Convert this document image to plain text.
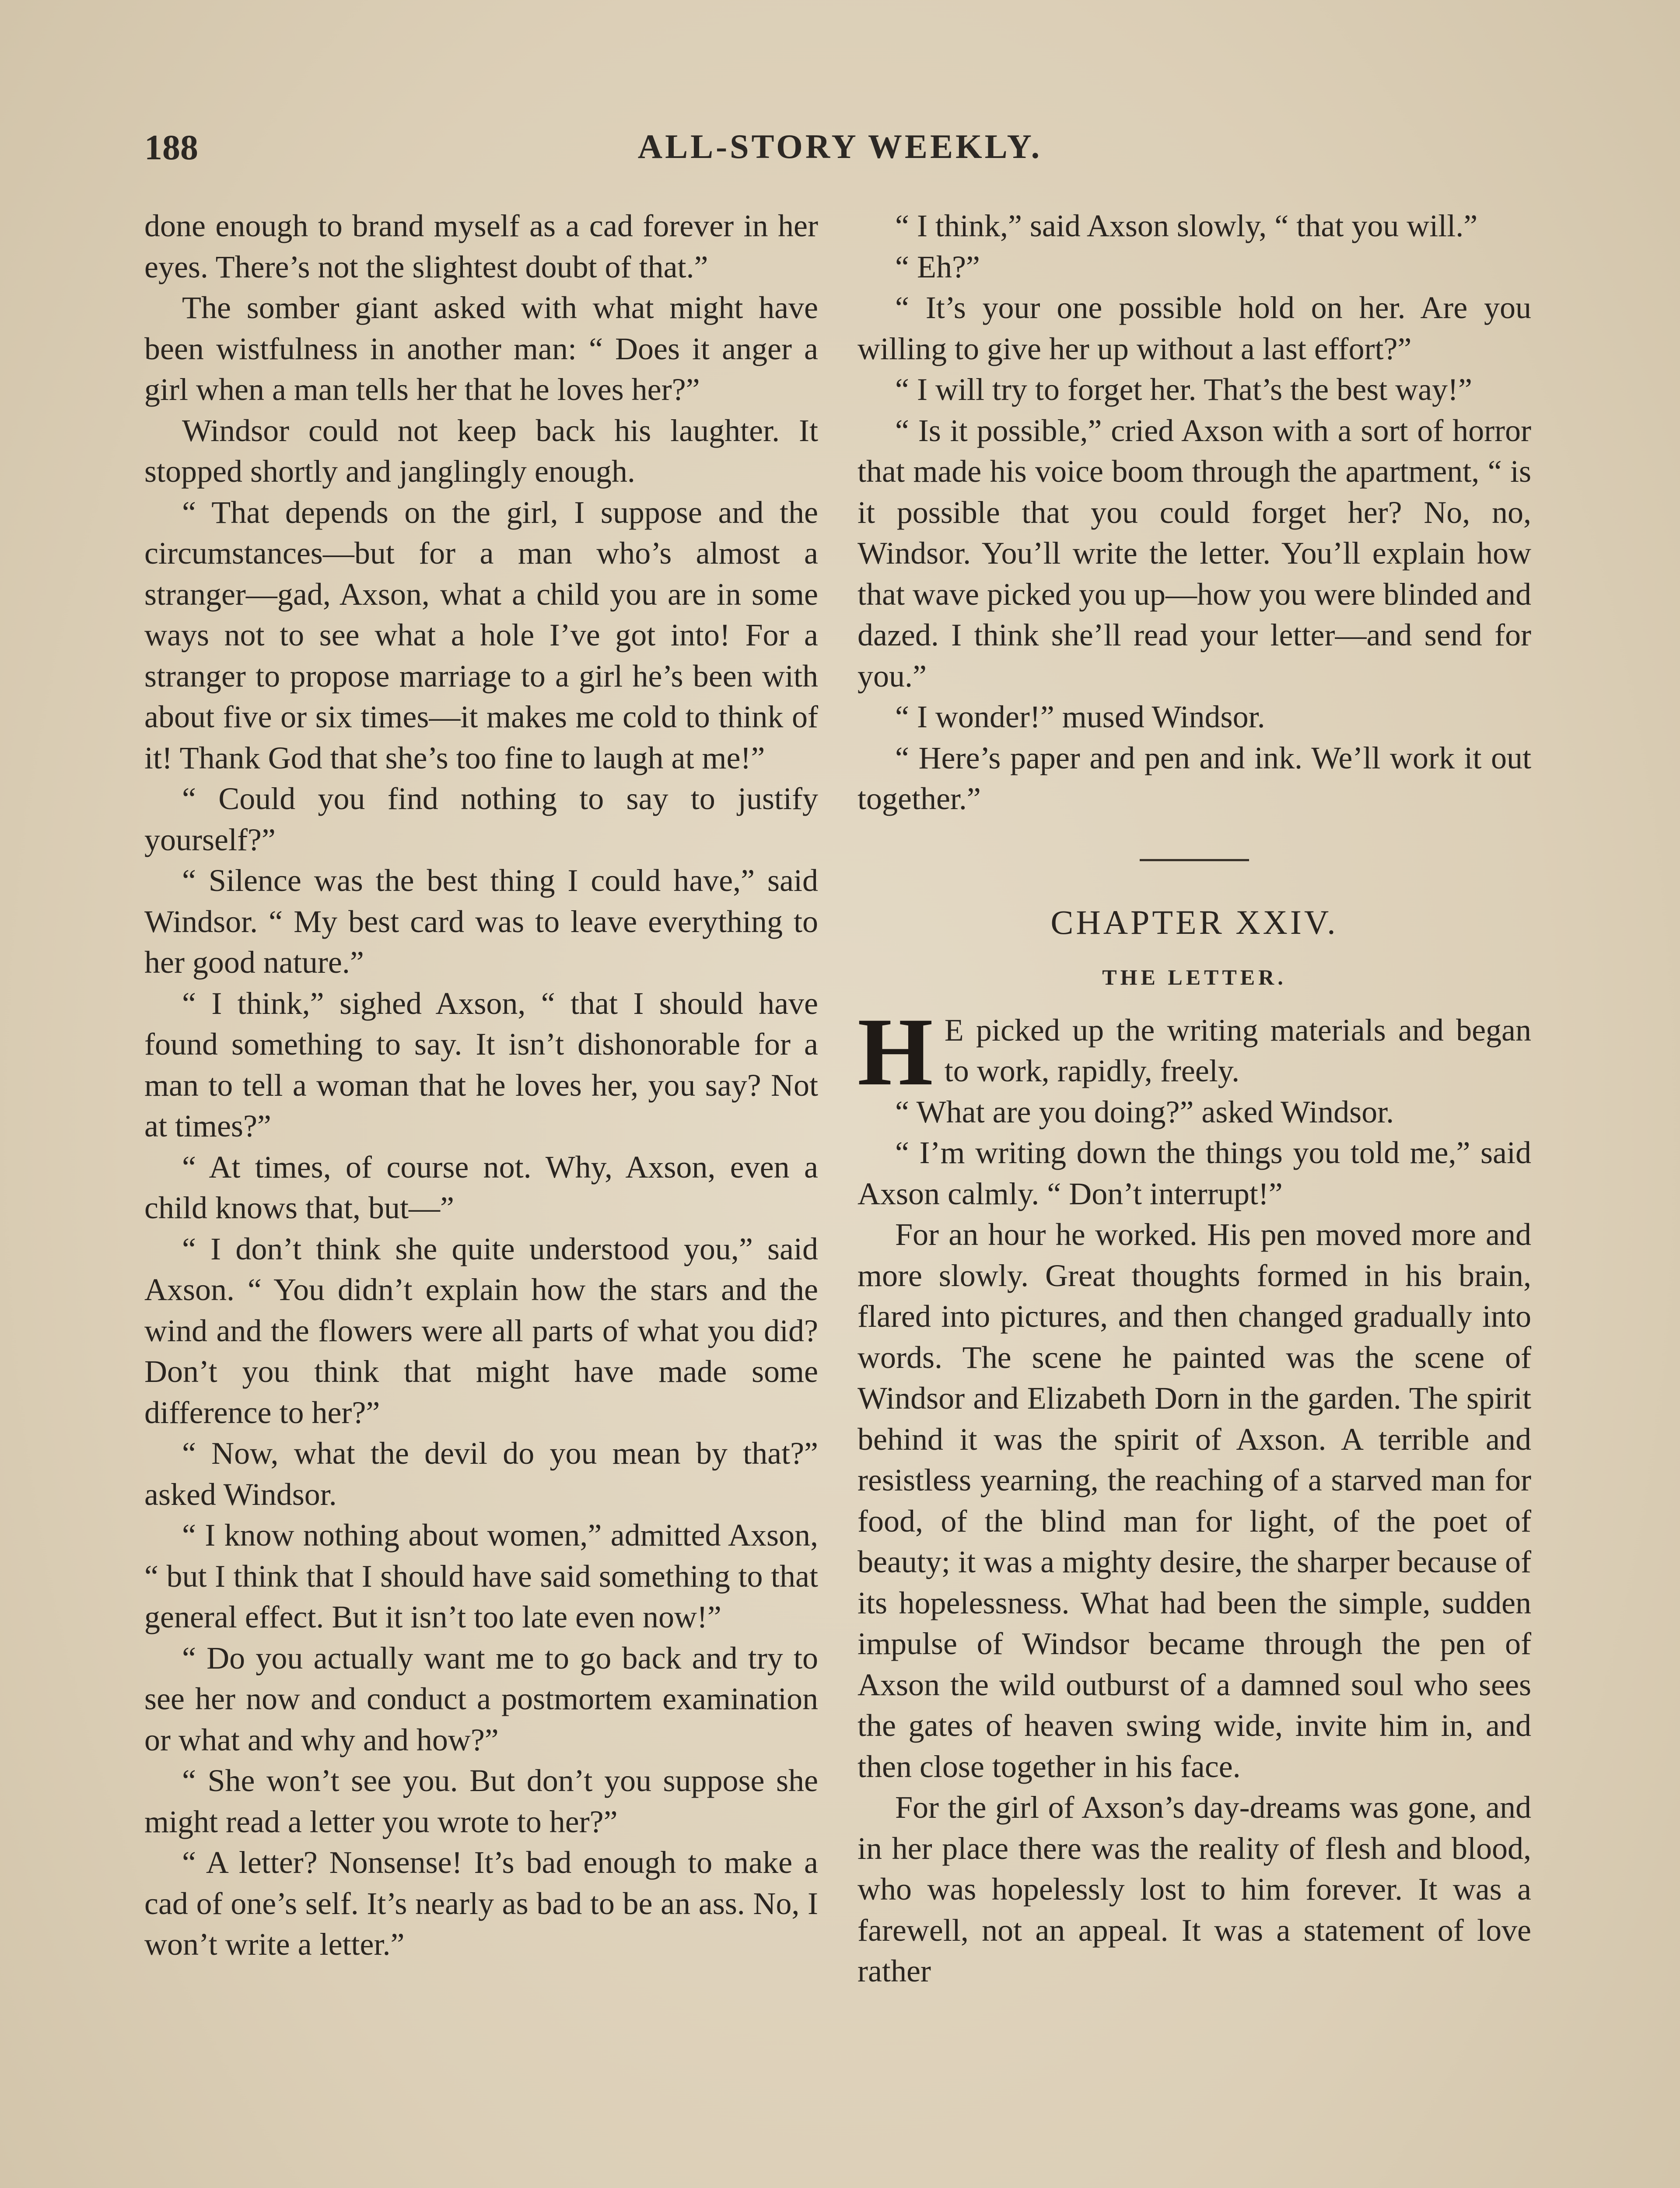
188	ALL-STORY WEEKLY.

done enough to brand myself as a cad forever in her eyes. There’s not the slightest doubt of that.”

The somber giant asked with what might have been wistfulness in another man: “ Does it anger a girl when a man tells her that he loves her?”

Windsor could not keep back his laughter. It stopped shortly and janglingly enough.

“ That depends on the girl, I suppose and the circumstances—but for a man who’s almost a stranger—gad, Axson, what a child you are in some ways not to see what a hole I’ve got into! For a stranger to propose marriage to a girl he’s been with about five or six times—it makes me cold to think of it! Thank God that she’s too fine to laugh at me!”

“ Could you find nothing to say to justify yourself?”

“ Silence was the best thing I could have,” said Windsor. “ My best card was to leave everything to her good nature.”

“ I think,” sighed Axson, “ that I should have found something to say. It isn’t dishonorable for a man to tell a woman that he loves her, you say? Not at times?”

“ At times, of course not. Why, Axson, even a child knows that, but—”

“ I don’t think she quite understood you,” said Axson. “ You didn’t explain how the stars and the wind and the flowers were all parts of what you did? Don’t you think that might have made some difference to her?”

“ Now, what the devil do you mean by that?” asked Windsor.

“ I know nothing about women,” admitted Axson, “ but I think that I should have said something to that general effect. But it isn’t too late even now!”

“ Do you actually want me to go back and try to see her now and conduct a postmortem examination or what and why and how?”

“ She won’t see you. But don’t you suppose she might read a letter you wrote to her?”

“ A letter? Nonsense! It’s bad enough to make a cad of one’s self. It’s nearly as bad to be an ass. No, I won’t write a letter.”

“ I think,” said Axson slowly, “ that you will.”

“ Eh?”

“ It’s your one possible hold on her. Are you willing to give her up without a last effort?”

“ I will try to forget her. That’s the best way!”

“ Is it possible,” cried Axson with a sort of horror that made his voice boom through the apartment, “ is it possible that you could forget her? No, no, Windsor. You’ll write the letter. You’ll explain how that wave picked you up—how you were blinded and dazed. I think she’ll read your letter—and send for you.”

“ I wonder!” mused Windsor.

“ Here’s paper and pen and ink. We’ll work it out together.”

CHAPTER XXIV.
THE LETTER.

H E picked up the writing materials and began to work, rapidly, freely.

“ What are you doing?” asked Windsor.

“ I’m writing down the things you told me,” said Axson calmly. “ Don’t interrupt!”

For an hour he worked. His pen moved more and more slowly. Great thoughts formed in his brain, flared into pictures, and then changed gradually into words. The scene he painted was the scene of Windsor and Elizabeth Dorn in the garden. The spirit behind it was the spirit of Axson. A terrible and resistless yearning, the reaching of a starved man for food, of the blind man for light, of the poet of beauty; it was a mighty desire, the sharper because of its hopelessness. What had been the simple, sudden impulse of Windsor became through the pen of Axson the wild outburst of a damned soul who sees the gates of heaven swing wide, invite him in, and then close together in his face.

For the girl of Axson’s day-dreams was gone, and in her place there was the reality of flesh and blood, who was hopelessly lost to him forever. It was a farewell, not an appeal. It was a statement of love rather
